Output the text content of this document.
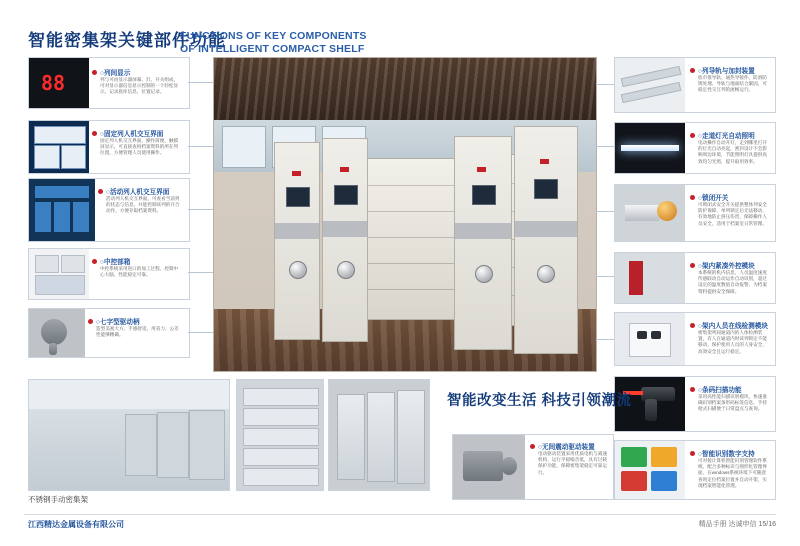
智能密集架关键部件功能
FUNCTIONS OF KEY COMPONENTS
OF INTELLIGENT COMPACT SHELF
88	○列间显示
列与可由显示器屏幕、灯、开关组成，可对显示器信息显示控制的一个轻松显示，记录底库信息，位置记录。
○固定列人机交互界面
固定列人机交互界面、操作简便，触摸屏显示，可直接查询档案资料的所在列位置，方便管理人员使用操作。
○活动列人机交互界面
活动列人机交互界面，可查看当前列的状态与信息，并能控制该列的开合动作，方便存取档案资料。
○中控部箱
中控系统采用进口的加工过程，控制中心大脑，性能稳定可靠。
○七字型驱动柄
造型美观大方、手感舒适、用省力、公差性能够精确。
○列导轨与加封装置
底市推导轨、通热导接件、防滑防锈处理、导轨与地面结合紧固，可稳定性交互列的流畅运行。
○走道灯光自动照明
电动操作自动开灯，走到哪里打开的灯光自动亮起，密封设计不会影响周边环境，节能照明灯具提供高效均匀光照，提升取用效率。
○锁闭开关
可锁闭式安全开关提供整体列安全防护保障，单列锁定后无法移动，有效地防止挤压伤害，保障操作人员安全，适用于档案室日常管理。
○架内紧凑外控模块
本系统的机内信息，人员温度速度传感联动自动运作自动识别，超过设定的温度数值自动报警，为档案资料提供安全保障。
○架内人员在线检测模块
密集架列间通道内的人体检测装置，有人在通道内时该列锁定不能移动，保护使用人员的人身安全，高效安全且运行稳定。
○条码扫描功能
采用高性能扫描识别模块，快速准确识别档案条形码标签信息，手持枪式扫描便于日常盘点与查询。
○智能识别数字支持
可对接计算机智能识别管理软件系统，配合多种标识与图形化管理界面，在windows系统环境下可随意查询定位档案位置并自动开架，实现档案智能化管理。
不锈钢手动密集架
智能改变生活 科技引领潮流
○无间震动驱动装置
电动驱动装置采用优质电机与减速机构，运行平稳噪音低，具有过载保护功能，保障密集架稳定可靠运行。
江西精达金属设备有限公司	精品手册 达诚申信 15/16
